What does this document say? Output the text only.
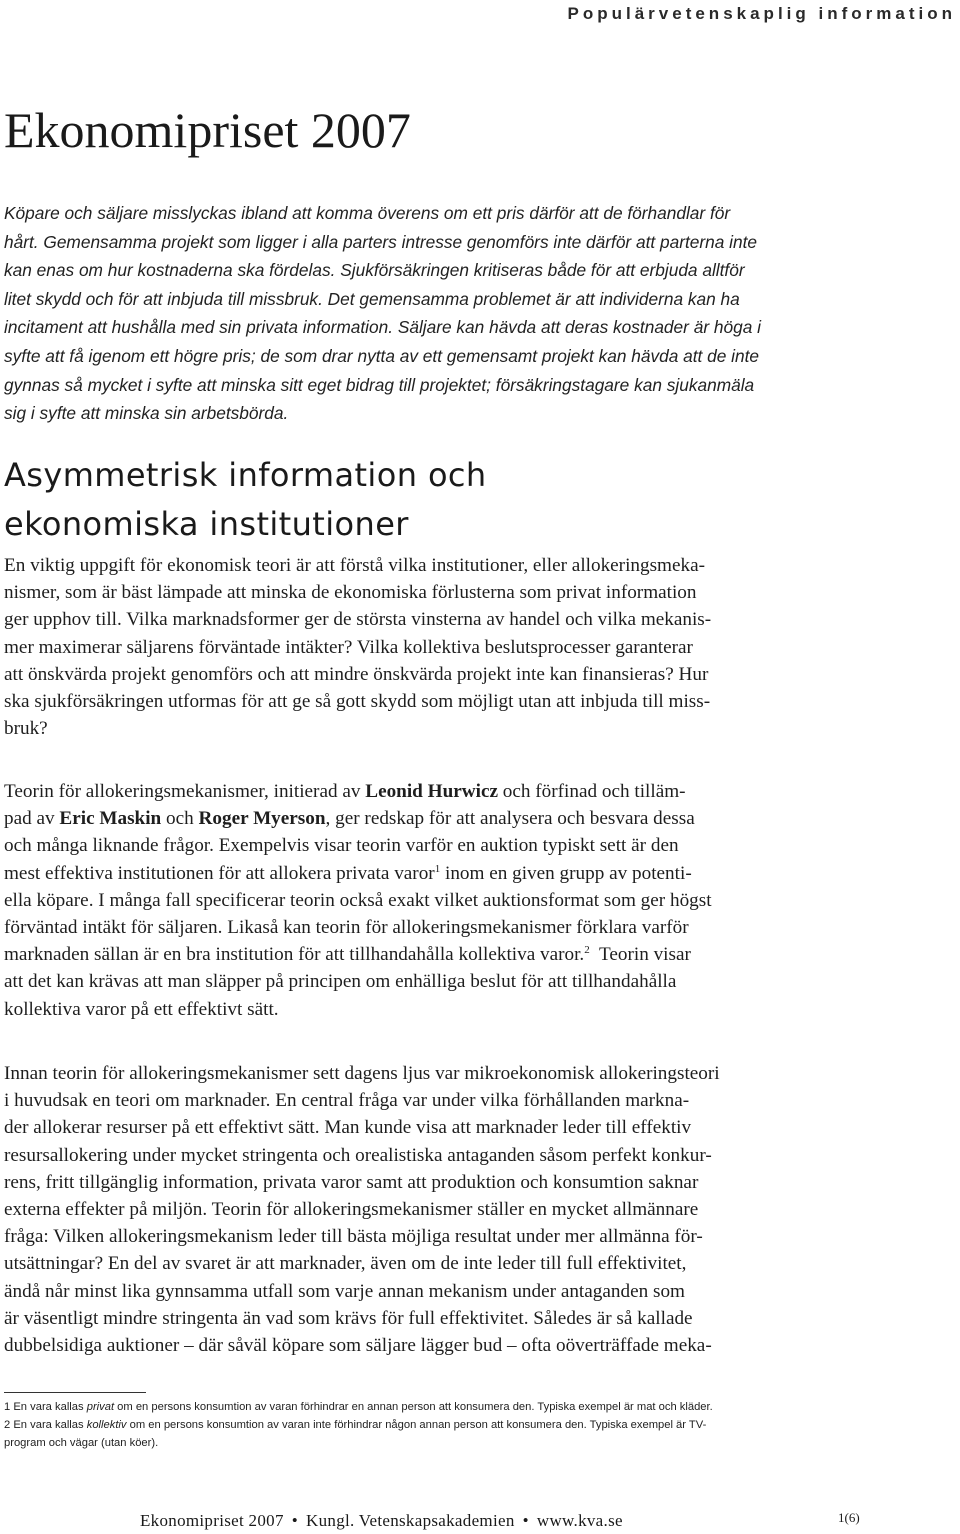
Populärvetenskaplig information
Ekonomipriset 2007

Köpare och säljare misslyckas ibland att komma överens om ett pris därför att de förhandlar för
hårt. Gemensamma projekt som ligger i alla parters intresse genomförs inte därför att parterna inte
kan enas om hur kostnaderna ska fördelas. Sjukförsäkringen kritiseras både för att erbjuda alltför
litet skydd och för att inbjuda till missbruk. Det gemensamma problemet är att individerna kan ha
incitament att hushålla med sin privata information. Säljare kan hävda att deras kostnader är höga i
syfte att få igenom ett högre pris; de som drar nytta av ett gemensamt projekt kan hävda att de inte
gynnas så mycket i syfte att minska sitt eget bidrag till projektet; försäkringstagare kan sjukanmäla
sig i syfte att minska sin arbetsbörda.

Asymmetrisk information och
ekonomiska institutioner

En viktig uppgift för ekonomisk teori är att förstå vilka institutioner, eller allokeringsmeka-
nismer, som är bäst lämpade att minska de ekonomiska förlusterna som privat information
ger upphov till. Vilka marknadsformer ger de största vinsterna av handel och vilka mekanis-
mer maximerar säljarens förväntade intäkter? Vilka kollektiva beslutsprocesser garanterar
att önskvärda projekt genomförs och att mindre önskvärda projekt inte kan finansieras? Hur
ska sjukförsäkringen utformas för att ge så gott skydd som möjligt utan att inbjuda till miss-
bruk?

Teorin för allokeringsmekanismer, initierad av Leonid Hurwicz och förfinad och tilläm-
pad av Eric Maskin och Roger Myerson, ger redskap för att analysera och besvara dessa
och många liknande frågor. Exempelvis visar teorin varför en auktion typiskt sett är den
mest effektiva institutionen för att allokera privata varor$^1$ inom en given grupp av potenti-
ella köpare. I många fall specificerar teorin också exakt vilket auktionsformat som ger högst
förväntad intäkt för säljaren. Likaså kan teorin för allokeringsmekanismer förklara varför
marknaden sällan är en bra institution för att tillhandahålla kollektiva varor.$^2$  Teorin visar
att det kan krävas att man släpper på principen om enhälliga beslut för att tillhandahålla
kollektiva varor på ett effektivt sätt.

Innan teorin för allokeringsmekanismer sett dagens ljus var mikroekonomisk allokeringsteori
i huvudsak en teori om marknader. En central fråga var under vilka förhållanden markna-
der allokerar resurser på ett effektivt sätt. Man kunde visa att marknader leder till effektiv
resursallokering under mycket stringenta och orealistiska antaganden såsom perfekt konkur-
rens, fritt tillgänglig information, privata varor samt att produktion och konsumtion saknar
externa effekter på miljön. Teorin för allokeringsmekanismer ställer en mycket allmännare
fråga: Vilken allokeringsmekanism leder till bästa möjliga resultat under mer allmänna för-
utsättningar? En del av svaret är att marknader, även om de inte leder till full effektivitet,
ändå når minst lika gynnsamma utfall som varje annan mekanism under antaganden som
är väsentligt mindre stringenta än vad som krävs för full effektivitet. Således är så kallade
dubbelsidiga auktioner – där såväl köpare som säljare lägger bud – ofta oöverträffade meka-

1 En vara kallas privat om en persons konsumtion av varan förhindrar en annan person att konsumera den. Typiska exempel är mat och kläder.
2 En vara kallas kollektiv om en persons konsumtion av varan inte förhindrar någon annan person att konsumera den. Typiska exempel är TV-
program och vägar (utan köer).
Ekonomipriset 2007 • Kungl. Vetenskapsakademien • www.kva.se	1(6)
